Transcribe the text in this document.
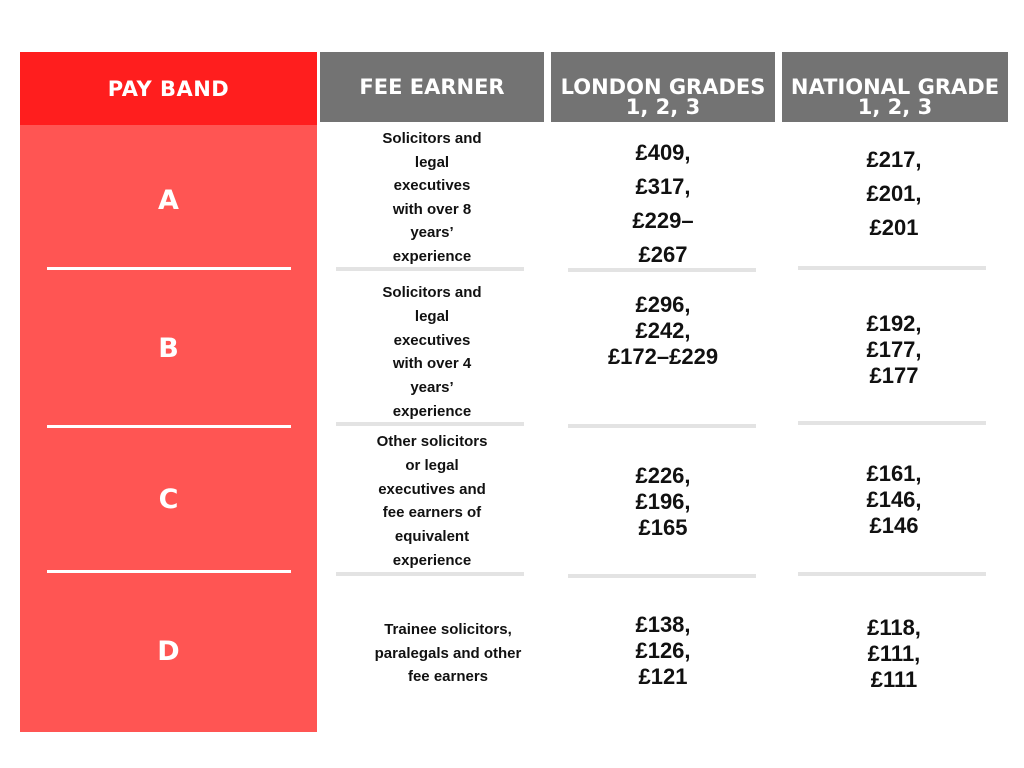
PAY BAND	FEE EARNER	LONDON GRADES
1, 2, 3
NATIONAL GRADE
1, 2, 3
A
B
C
D
Solicitors and
legal
executives
with over 8
years’
experience
£409,
£317,
£229–
£267
£217,
£201,
£201
Solicitors and
legal
executives
with over 4
years’
experience
£296,
£242,
£172–£229
£192,
£177,
£177
Other solicitors
or legal
executives and
fee earners of
equivalent
experience
£226,
£196,
£165
£161,
£146,
£146
Trainee solicitors,
paralegals and other
fee earners
£138,
£126,
£121
£118,
£111,
£111
